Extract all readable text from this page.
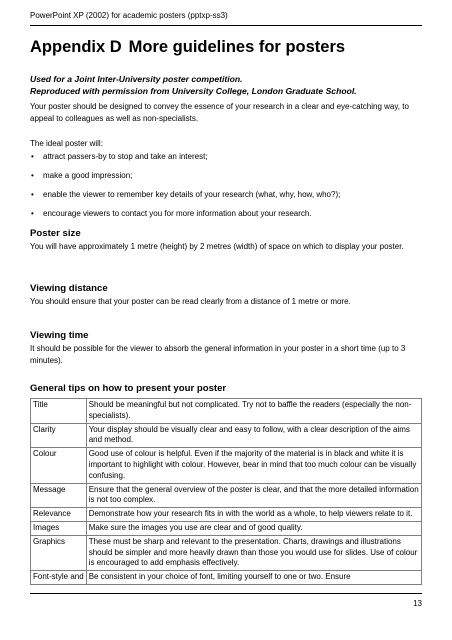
PowerPoint XP (2002) for academic posters (pptxp-ss3)
Appendix D More guidelines for posters
Used for a Joint Inter-University poster competition.
Reproduced with permission from University College, London Graduate School.
Your poster should be designed to convey the essence of your research in a clear and eye-catching way, to appeal to colleagues as well as non-specialists.
The ideal poster will:
• attract passers-by to stop and take an interest;
• make a good impression;
• enable the viewer to remember key details of your research (what, why, how, who?);
• encourage viewers to contact you for more information about your research.
Poster size
You will have approximately 1 metre (height) by 2 metres (width) of space on which to display your poster.
Viewing distance
You should ensure that your poster can be read clearly from a distance of 1 metre or more.
Viewing time
It should be possible for the viewer to absorb the general information in your poster in a short time (up to 3 minutes).
General tips on how to present your poster
Title	Should be meaningful but not complicated. Try not to baffle the readers (especially the non-specialists).
Clarity	Your display should be visually clear and easy to follow, with a clear description of the aims and method.
Colour	Good use of colour is helpful. Even if the majority of the material is in black and white it is important to highlight with colour. However, bear in mind that too much colour can be visually confusing.
Message	Ensure that the general overview of the poster is clear, and that the more detailed information is not too complex.
Relevance	Demonstrate how your research fits in with the world as a whole, to help viewers relate to it.
Images	Make sure the images you use are clear and of good quality.
Graphics	These must be sharp and relevant to the presentation. Charts, drawings and illustrations should be simpler and more heavily drawn than those you would use for slides. Use of colour is encouraged to add emphasis effectively.
Font-style and	Be consistent in your choice of font, limiting yourself to one or two. Ensure
13
